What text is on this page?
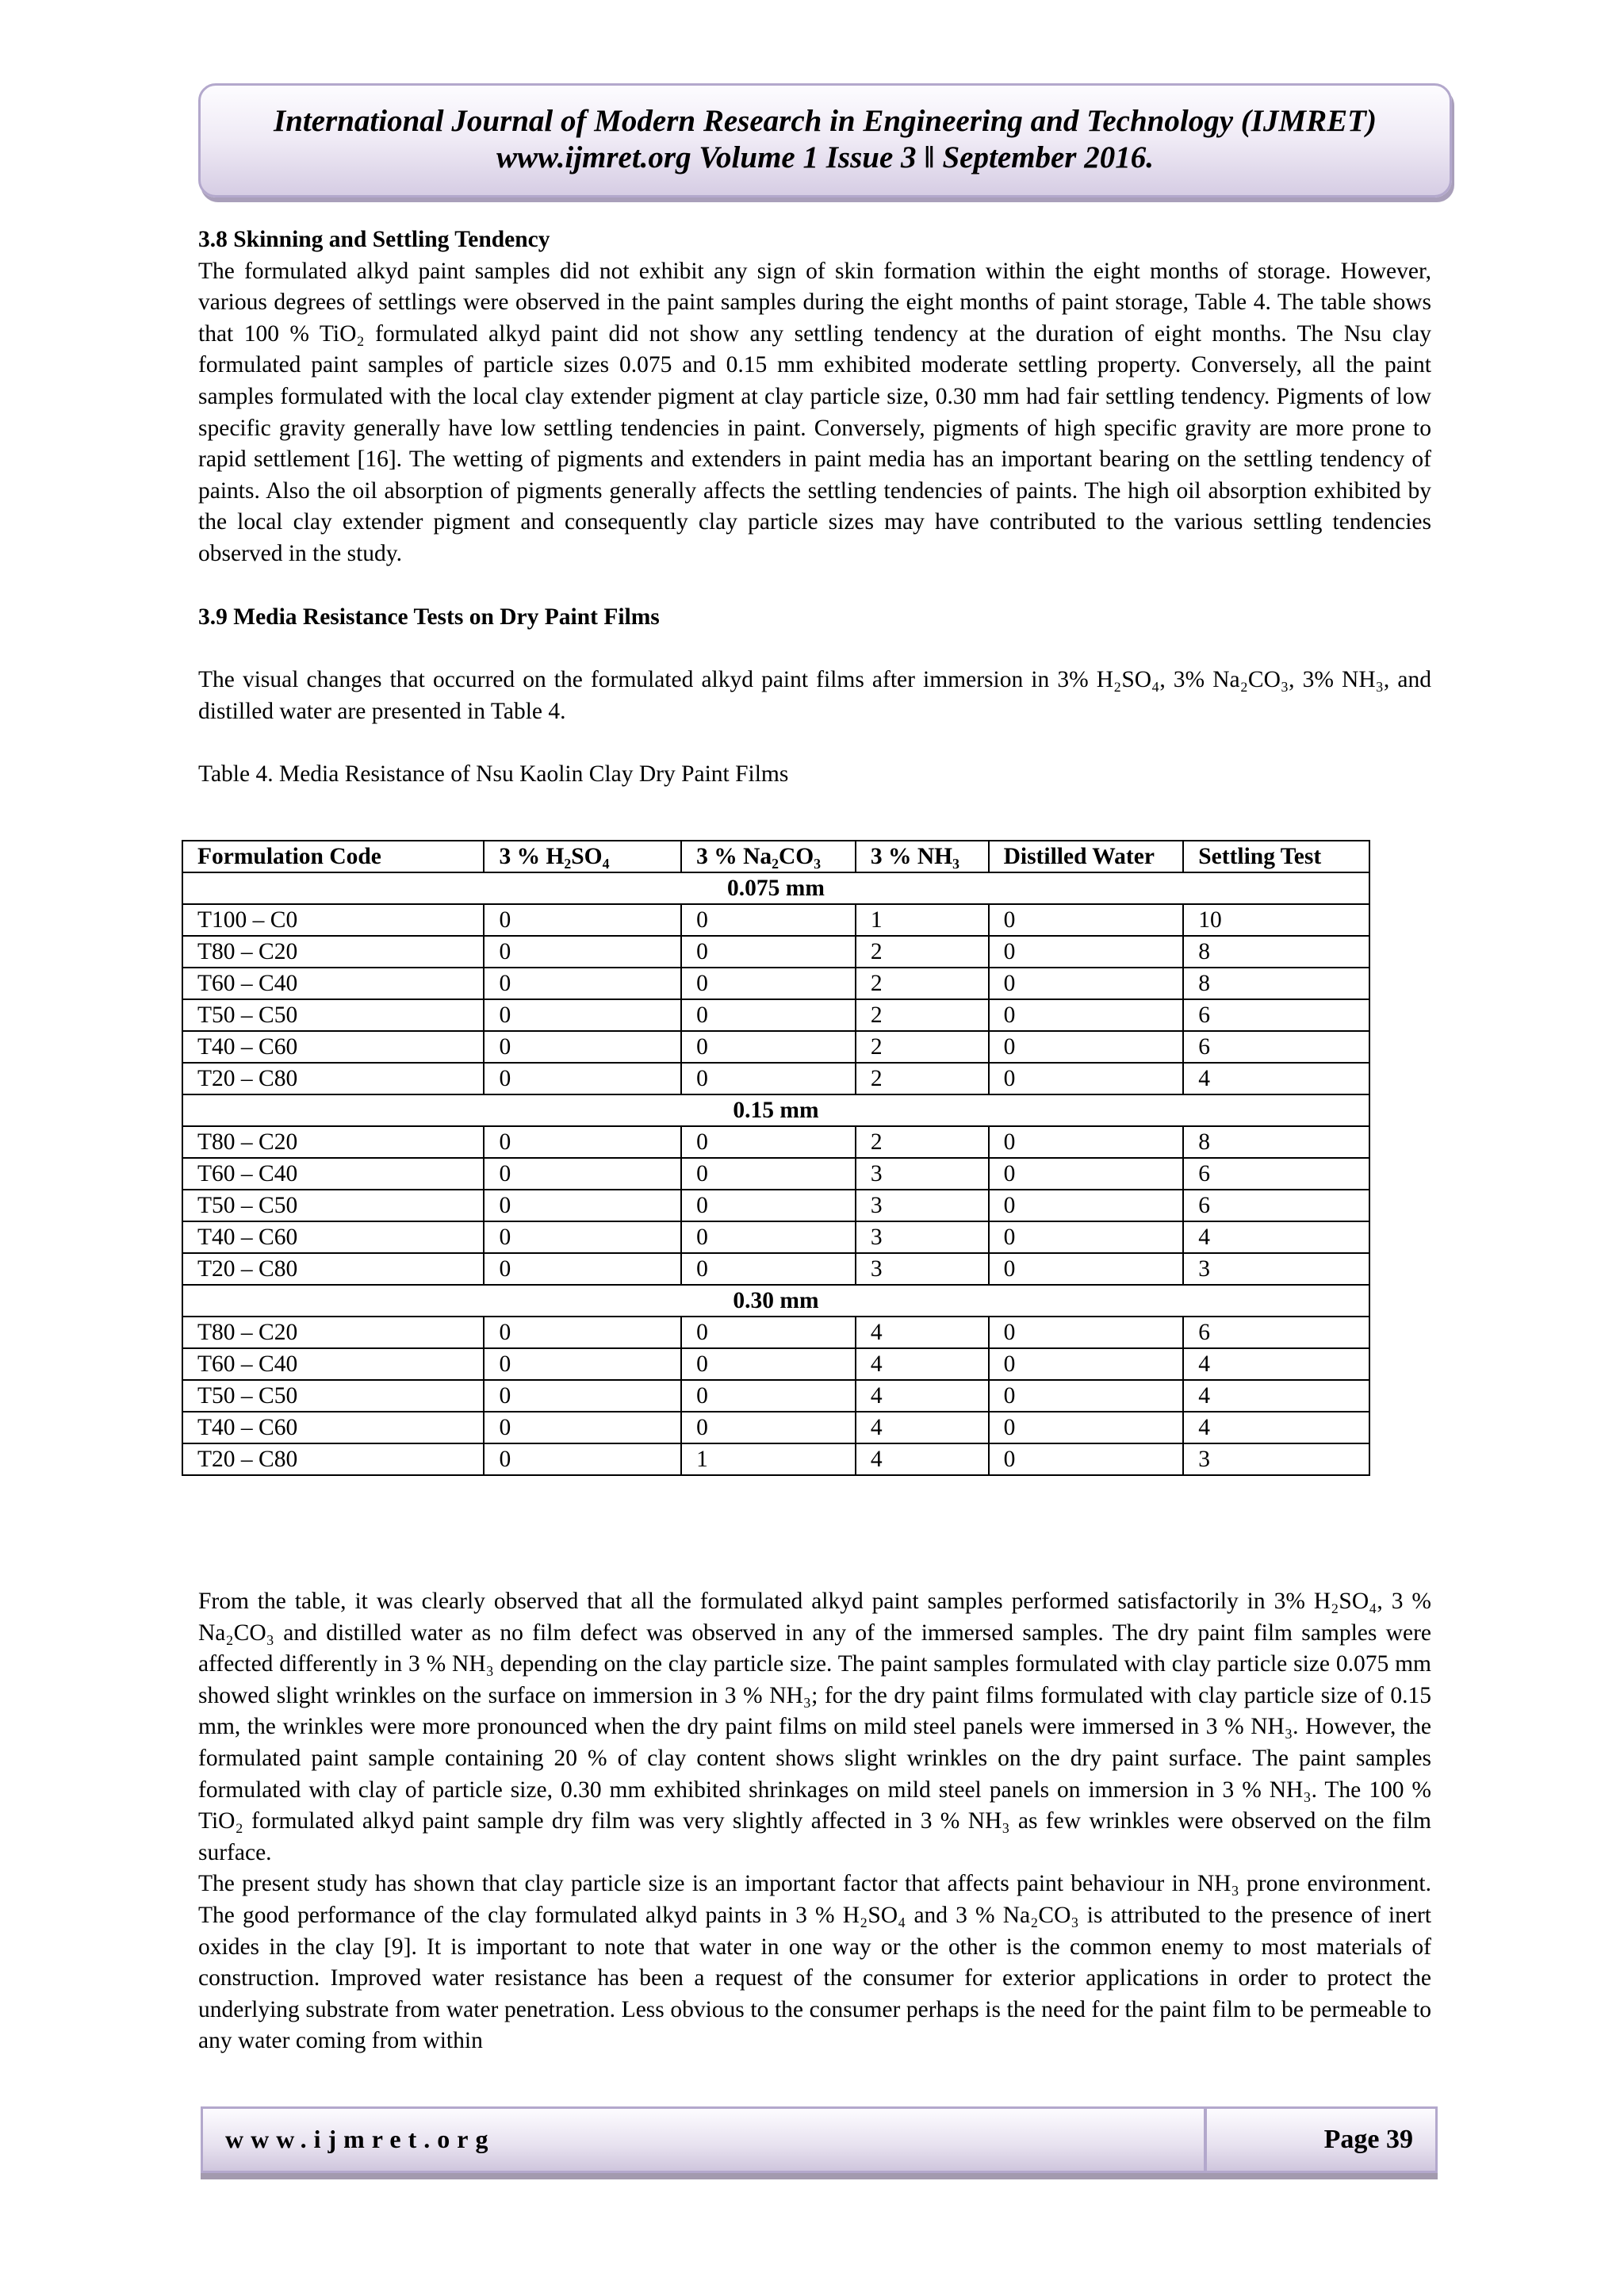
International Journal of Modern Research in Engineering and Technology (IJMRET)
www.ijmret.org Volume 1 Issue 3 ǁ September 2016.
3.8 Skinning and Settling Tendency

The formulated alkyd paint samples did not exhibit any sign of skin formation within the eight months of storage. However, various degrees of settlings were observed in the paint samples during the eight months of paint storage, Table 4. The table shows that 100 % TiO₂ formulated alkyd paint did not show any settling tendency at the duration of eight months. The Nsu clay formulated paint samples of particle sizes 0.075 and 0.15 mm exhibited moderate settling property. Conversely, all the paint samples formulated with the local clay extender pigment at clay particle size, 0.30 mm had fair settling tendency. Pigments of low specific gravity generally have low settling tendencies in paint. Conversely, pigments of high specific gravity are more prone to rapid settlement [16]. The wetting of pigments and extenders in paint media has an important bearing on the settling tendency of paints. Also the oil absorption of pigments generally affects the settling tendencies of paints. The high oil absorption exhibited by the local clay extender pigment and consequently clay particle sizes may have contributed to the various settling tendencies observed in the study.

3.9 Media Resistance Tests on Dry Paint Films

The visual changes that occurred on the formulated alkyd paint films after immersion in 3% H₂SO₄, 3% Na₂CO₃, 3% NH₃, and distilled water are presented in Table 4.

Table 4. Media Resistance of Nsu Kaolin Clay Dry Paint Films

Formulation Code	3 % H₂SO₄	3 % Na₂CO₃	3 % NH₃	Distilled Water	Settling Test
0.075 mm					
T100 – C0	0	0	1	0	10
T80 – C20	0	0	2	0	8
T60 – C40	0	0	2	0	8
T50 – C50	0	0	2	0	6
T40 – C60	0	0	2	0	6
T20 – C80	0	0	2	0	4
0.15 mm					
T80 – C20	0	0	2	0	8
T60 – C40	0	0	3	0	6
T50 – C50	0	0	3	0	6
T40 – C60	0	0	3	0	4
T20 – C80	0	0	3	0	3
0.30 mm					
T80 – C20	0	0	4	0	6
T60 – C40	0	0	4	0	4
T50 – C50	0	0	4	0	4
T40 – C60	0	0	4	0	4
T20 – C80	0	1	4	0	3

From the table, it was clearly observed that all the formulated alkyd paint samples performed satisfactorily in 3% H₂SO₄, 3 % Na₂CO₃ and distilled water as no film defect was observed in any of the immersed samples. The dry paint film samples were affected differently in 3 % NH₃ depending on the clay particle size. The paint samples formulated with clay particle size 0.075 mm showed slight wrinkles on the surface on immersion in 3 % NH₃; for the dry paint films formulated with clay particle size of 0.15 mm, the wrinkles were more pronounced when the dry paint films on mild steel panels were immersed in 3 % NH₃. However, the formulated paint sample containing 20 % of clay content shows slight wrinkles on the dry paint surface. The paint samples formulated with clay of particle size, 0.30 mm exhibited shrinkages on mild steel panels on immersion in 3 % NH₃. The 100 % TiO₂ formulated alkyd paint sample dry film was very slightly affected in 3 % NH₃ as few wrinkles were observed on the film surface.

The present study has shown that clay particle size is an important factor that affects paint behaviour in NH₃ prone environment. The good performance of the clay formulated alkyd paints in 3 % H₂SO₄ and 3 % Na₂CO₃ is attributed to the presence of inert oxides in the clay [9]. It is important to note that water in one way or the other is the common enemy to most materials of construction. Improved water resistance has been a request of the consumer for exterior applications in order to protect the underlying substrate from water penetration. Less obvious to the consumer perhaps is the need for the paint film to be permeable to any water coming from within

www.ijmret.org	Page 39
